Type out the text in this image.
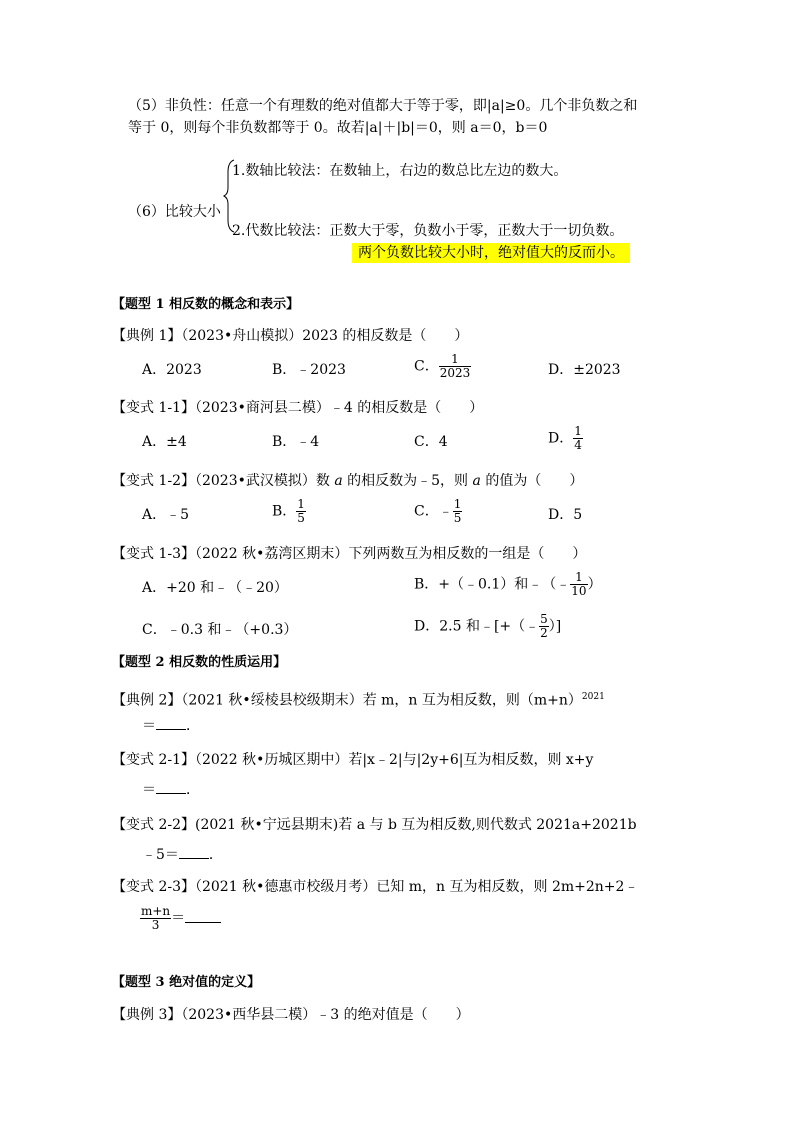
（5）非负性：任意一个有理数的绝对值都大于等于零，即|a|≥0。几个非负数之和
等于 0，则每个非负数都等于 0。故若|a|＋|b|＝0，则 a＝0，b＝0
（6）比较大小
1.数轴比较法：在数轴上，右边的数总比左边的数大。
2.代数比较法：正数大于零，负数小于零，正数大于一切负数。
两个负数比较大小时，绝对值大的反而小。
【题型 1 相反数的概念和表示】
【典例 1】（2023•舟山模拟）2023 的相反数是（　　）
A．2023	B．﹣2023	C． $\frac{1}{2023}$	D．±2023
【变式 1-1】（2023•商河县二模）﹣4 的相反数是（　　）
A．±4	B．﹣4	C．4	D． $\frac{1}{4}$
【变式 1-2】（2023•武汉模拟）数 a 的相反数为﹣5，则 a 的值为（　　）
A．﹣5	B． $\frac{1}{5}$	C．﹣ $\frac{1}{5}$	D．5
【变式 1-3】（2022 秋•荔湾区期末）下列两数互为相反数的一组是（　　）
A．+20 和﹣（﹣20）	B．+（﹣0.1）和﹣（﹣ $\frac{1}{10}$ ）
C．﹣0.3 和﹣（+0.3）	D．2.5 和﹣[+（﹣ $\frac{5}{2}$ ）]
【题型 2 相反数的性质运用】
【典例 2】（2021 秋•绥棱县校级期末）若 m，n 互为相反数，则$(m+n)^{2021}$
＝ ．
【变式 2-1】（2022 秋•历城区期中）若|x﹣2|与|2y+6|互为相反数，则 x+y
＝ ．
【变式 2-2】(2021 秋•宁远县期末)若 a 与 b 互为相反数,则代数式 2021a+2021b
﹣5＝ ．
【变式 2-3】（2021 秋•德惠市校级月考）已知 m，n 互为相反数，则 2m+2n+2﹣
$\frac{m+n}{3}$ ＝
【题型 3 绝对值的定义】
【典例 3】（2023•西华县二模）﹣3 的绝对值是（　　）
